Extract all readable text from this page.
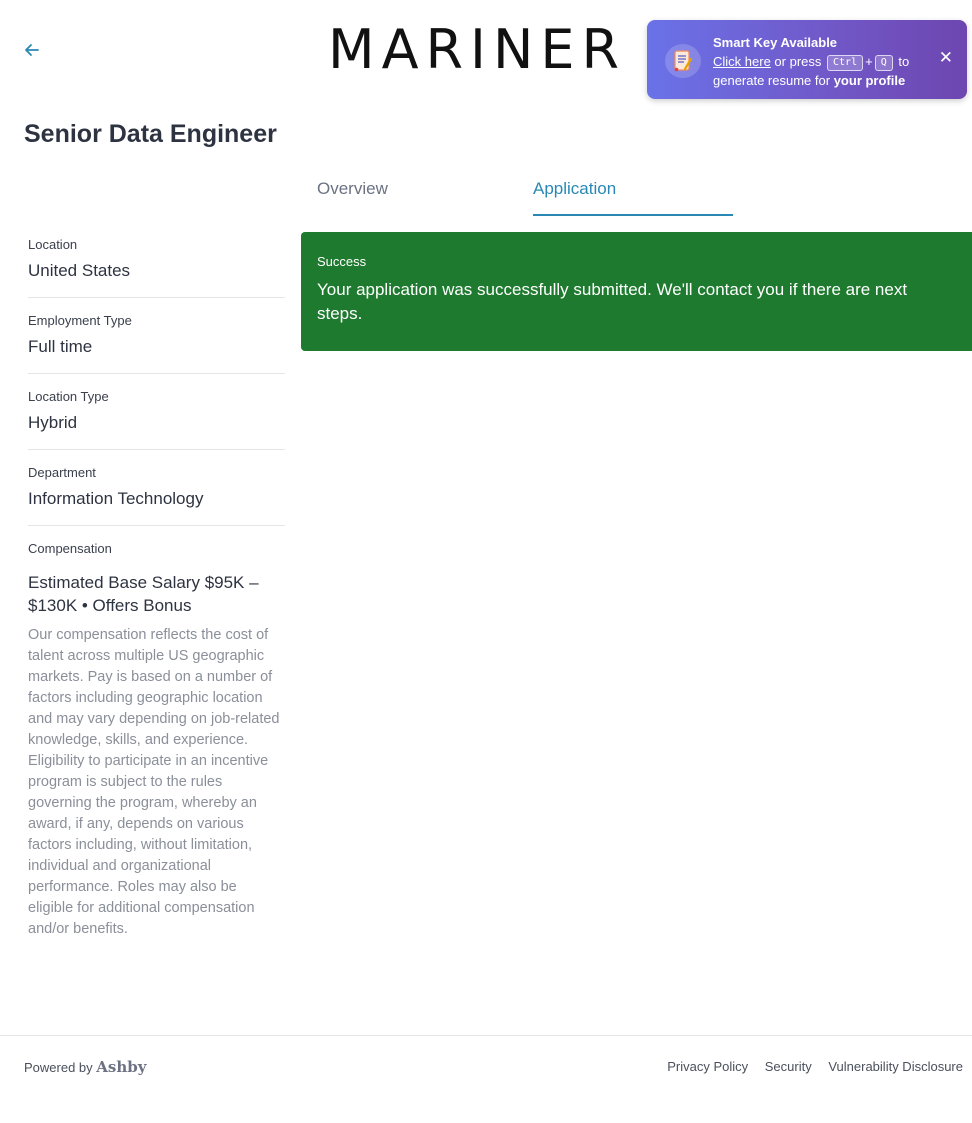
MARINER
Senior Data Engineer
Overview	Application
Location
United States
Employment Type
Full time
Location Type
Hybrid
Department
Information Technology
Compensation
Estimated Base Salary $95K – $130K • Offers Bonus
Our compensation reflects the cost of talent across multiple US geographic markets. Pay is based on a number of factors including geographic location and may vary depending on job-related knowledge, skills, and experience. Eligibility to participate in an incentive program is subject to the rules governing the program, whereby an award, if any, depends on various factors including, without limitation, individual and organizational performance. Roles may also be eligible for additional compensation and/or benefits.
Success
Your application was successfully submitted. We'll contact you if there are next steps.
Smart Key Available
Click here or press Ctrl + Q to
generate resume for your profile
✕
Powered by Ashby	Privacy Policy Security Vulnerability Disclosure
